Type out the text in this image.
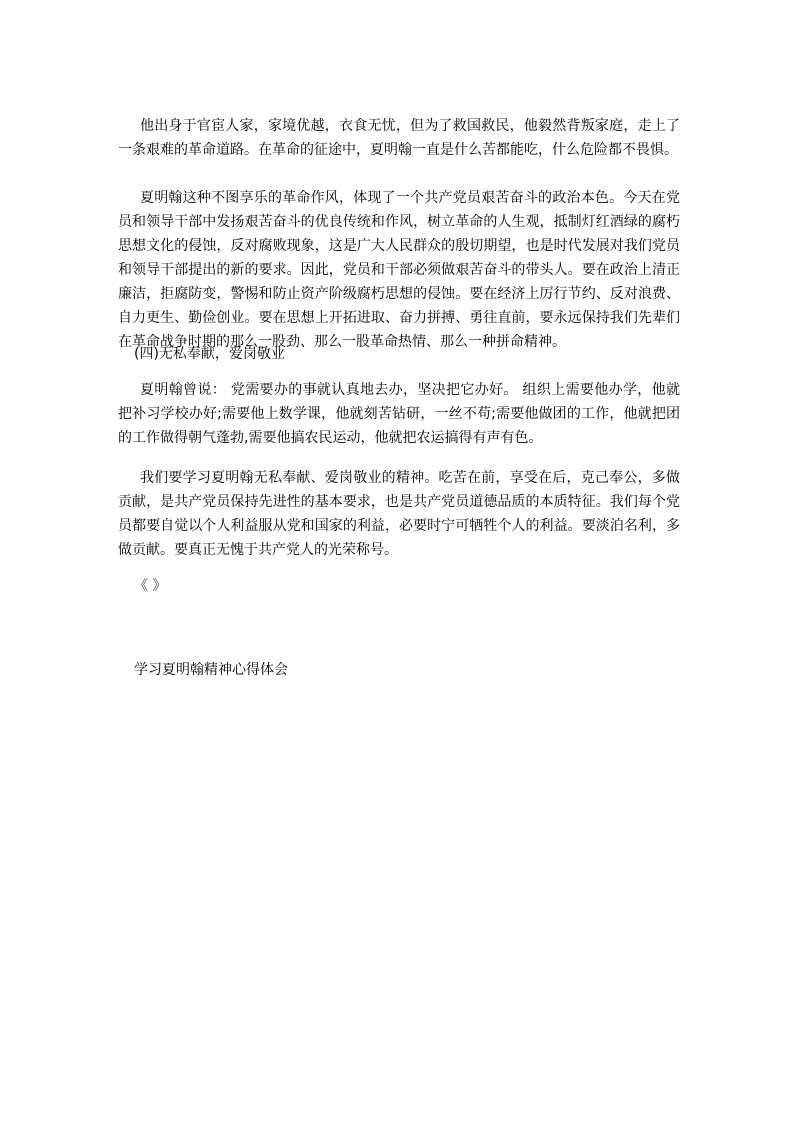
他出身于官宦人家，家境优越，衣食无忧，但为了救国救民，他毅然背叛家庭，走上了一条艰难的革命道路。在革命的征途中，夏明翰一直是什么苦都能吃，什么危险都不畏惧。

夏明翰这种不图享乐的革命作风，体现了一个共产党员艰苦奋斗的政治本色。今天在党员和领导干部中发扬艰苦奋斗的优良传统和作风，树立革命的人生观，抵制灯红酒绿的腐朽思想文化的侵蚀，反对腐败现象，这是广大人民群众的殷切期望，也是时代发展对我们党员和领导干部提出的新的要求。因此，党员和干部必须做艰苦奋斗的带头人。要在政治上清正廉洁，拒腐防变，警惕和防止资产阶级腐朽思想的侵蚀。要在经济上厉行节约、反对浪费、自力更生、勤俭创业。要在思想上开拓进取、奋力拼搏、勇往直前，要永远保持我们先辈们在革命战争时期的那么一股劲、那么一股革命热情、那么一种拼命精神。

(四)无私奉献，爱岗敬业

夏明翰曾说： 党需要办的事就认真地去办，坚决把它办好。 组织上需要他办学，他就把补习学校办好;需要他上数学课，他就刻苦钻研，一丝不苟;需要他做团的工作，他就把团的工作做得朝气蓬勃,需要他搞农民运动，他就把农运搞得有声有色。

我们要学习夏明翰无私奉献、爱岗敬业的精神。吃苦在前，享受在后，克己奉公，多做贡献，是共产党员保持先进性的基本要求，也是共产党员道德品质的本质特征。我们每个党员都要自觉以个人利益服从党和国家的利益，必要时宁可牺牲个人的利益。要淡泊名利，多做贡献。要真正无愧于共产党人的光荣称号。

《 》

学习夏明翰精神心得体会
